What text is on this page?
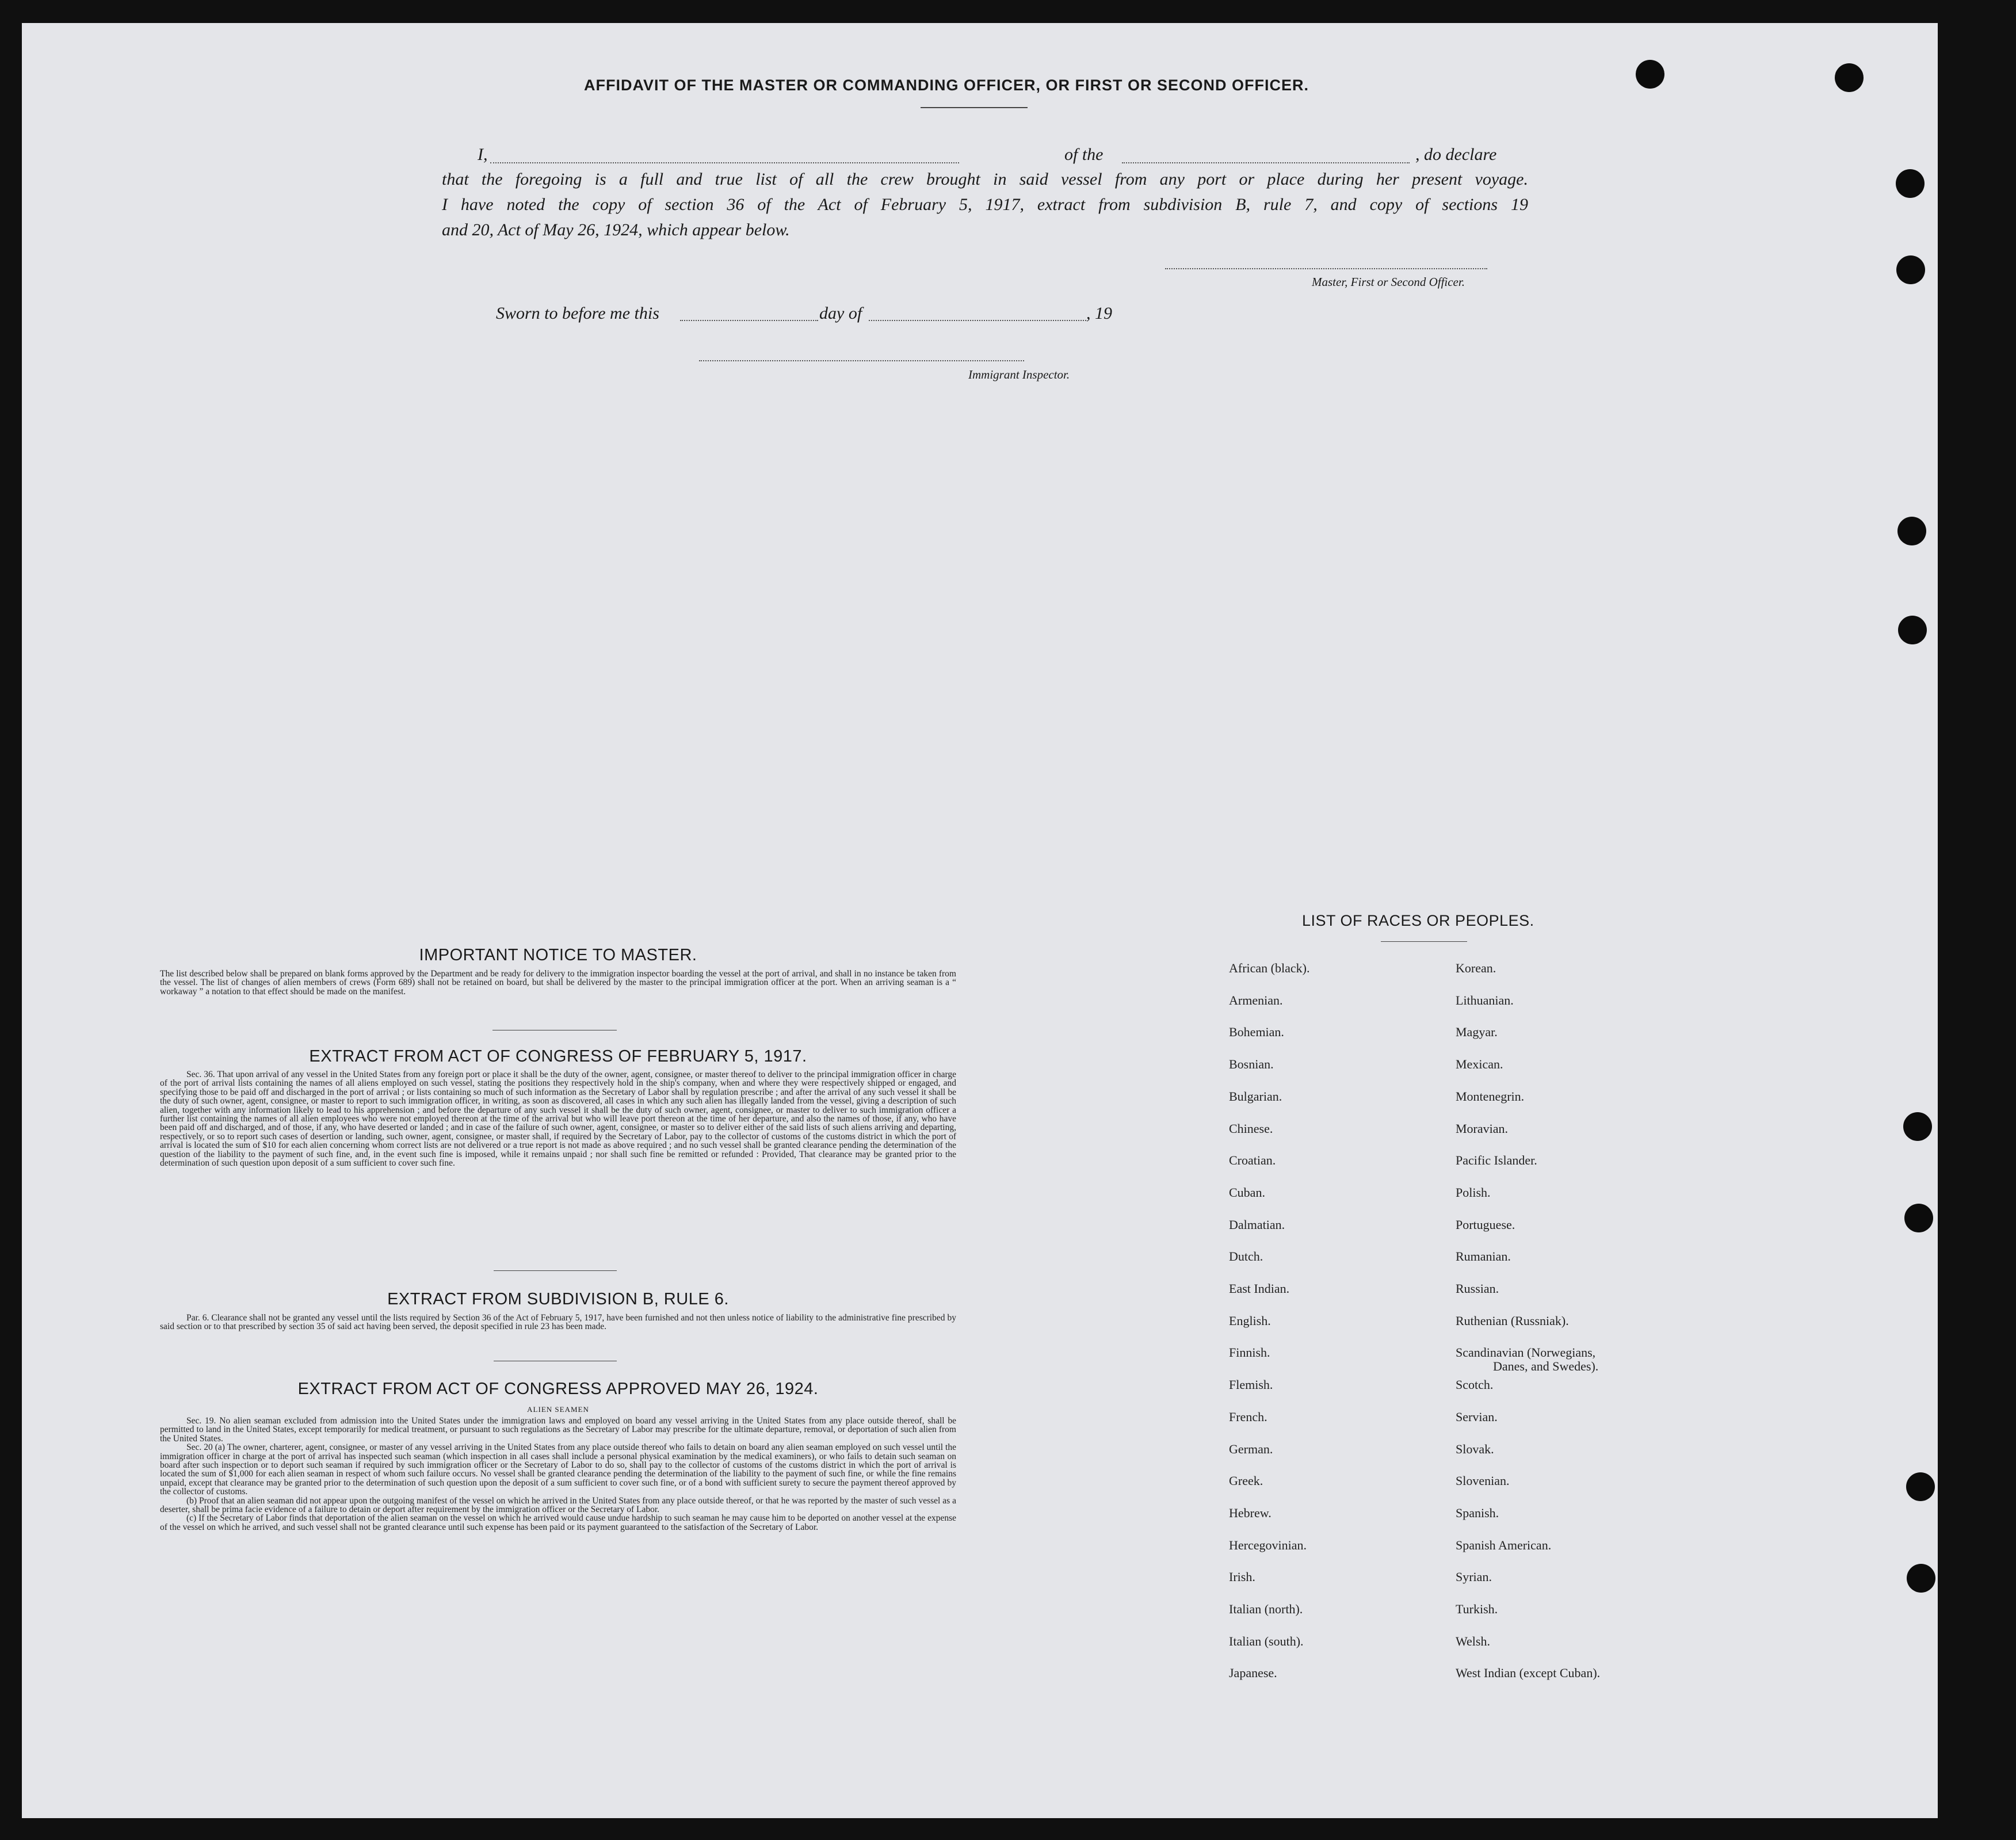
AFFIDAVIT OF THE MASTER OR COMMANDING OFFICER, OR FIRST OR SECOND OFFICER.
I,	of the	, do declare
that the foregoing is a full and true list of all the crew brought in said vessel from any port or place during her present voyage.
I have noted the copy of section 36 of the Act of February 5, 1917, extract from subdivision B, rule 7, and copy of sections 19
and 20, Act of May 26, 1924, which appear below.
Master, First or Second Officer.
Sworn to before me this	day of	, 19
Immigrant Inspector.
IMPORTANT NOTICE TO MASTER.
The list described below shall be prepared on blank forms approved by the Department and be ready for delivery to the immigration inspector boarding the vessel at the port of arrival, and shall in no instance be taken from the vessel. The list of changes of alien members of crews (Form 689) shall not be retained on board, but shall be delivered by the master to the principal immigration officer at the port. When an arriving seaman is a “ workaway ” a notation to that effect should be made on the manifest.
EXTRACT FROM ACT OF CONGRESS OF FEBRUARY 5, 1917.
Sec. 36. That upon arrival of any vessel in the United States from any foreign port or place it shall be the duty of the owner, agent, consignee, or master thereof to deliver to the principal immigration officer in charge of the port of arrival lists containing the names of all aliens employed on such vessel, stating the positions they respectively hold in the ship's company, when and where they were respectively shipped or engaged, and specifying those to be paid off and discharged in the port of arrival ; or lists containing so much of such information as the Secretary of Labor shall by regulation prescribe ; and after the arrival of any such vessel it shall be the duty of such owner, agent, consignee, or master to report to such immigration officer, in writing, as soon as discovered, all cases in which any such alien has illegally landed from the vessel, giving a description of such alien, together with any information likely to lead to his apprehension ; and before the departure of any such vessel it shall be the duty of such owner, agent, consignee, or master to deliver to such immigration officer a further list containing the names of all alien employees who were not employed thereon at the time of the arrival but who will leave port thereon at the time of her departure, and also the names of those, if any, who have been paid off and discharged, and of those, if any, who have deserted or landed ; and in case of the failure of such owner, agent, consignee, or master so to deliver either of the said lists of such aliens arriving and departing, respectively, or so to report such cases of desertion or landing, such owner, agent, consignee, or master shall, if required by the Secretary of Labor, pay to the collector of customs of the customs district in which the port of arrival is located the sum of $10 for each alien concerning whom correct lists are not delivered or a true report is not made as above required ; and no such vessel shall be granted clearance pending the determination of the question of the liability to the payment of such fine, and, in the event such fine is imposed, while it remains unpaid ; nor shall such fine be remitted or refunded : Provided, That clearance may be granted prior to the determination of such question upon deposit of a sum sufficient to cover such fine.
EXTRACT FROM SUBDIVISION B, RULE 6.
Par. 6. Clearance shall not be granted any vessel until the lists required by Section 36 of the Act of February 5, 1917, have been furnished and not then unless notice of liability to the administrative fine prescribed by said section or to that prescribed by section 35 of said act having been served, the deposit specified in rule 23 has been made.
EXTRACT FROM ACT OF CONGRESS APPROVED MAY 26, 1924.
ALIEN SEAMEN
Sec. 19. No alien seaman excluded from admission into the United States under the immigration laws and employed on board any vessel arriving in the United States from any place outside thereof, shall be permitted to land in the United States, except temporarily for medical treatment, or pursuant to such regulations as the Secretary of Labor may prescribe for the ultimate departure, removal, or deportation of such alien from the United States.
Sec. 20 (a) The owner, charterer, agent, consignee, or master of any vessel arriving in the United States from any place outside thereof who fails to detain on board any alien seaman employed on such vessel until the immigration officer in charge at the port of arrival has inspected such seaman (which inspection in all cases shall include a personal physical examination by the medical examiners), or who fails to detain such seaman on board after such inspection or to deport such seaman if required by such immigration officer or the Secretary of Labor to do so, shall pay to the collector of customs of the customs district in which the port of arrival is located the sum of $1,000 for each alien seaman in respect of whom such failure occurs. No vessel shall be granted clearance pending the determination of the liability to the payment of such fine, or while the fine remains unpaid, except that clearance may be granted prior to the determination of such question upon the deposit of a sum sufficient to cover such fine, or of a bond with sufficient surety to secure the payment thereof approved by the collector of customs.
(b) Proof that an alien seaman did not appear upon the outgoing manifest of the vessel on which he arrived in the United States from any place outside thereof, or that he was reported by the master of such vessel as a deserter, shall be prima facie evidence of a failure to detain or deport after requirement by the immigration officer or the Secretary of Labor.
(c) If the Secretary of Labor finds that deportation of the alien seaman on the vessel on which he arrived would cause undue hardship to such seaman he may cause him to be deported on another vessel at the expense of the vessel on which he arrived, and such vessel shall not be granted clearance until such expense has been paid or its payment guaranteed to the satisfaction of the Secretary of Labor.
LIST OF RACES OR PEOPLES.
African (black).
Armenian.
Bohemian.
Bosnian.
Bulgarian.
Chinese.
Croatian.
Cuban.
Dalmatian.
Dutch.
East Indian.
English.
Finnish.
Flemish.
French.
German.
Greek.
Hebrew.
Hercegovinian.
Irish.
Italian (north).
Italian (south).
Japanese.
Korean.
Lithuanian.
Magyar.
Mexican.
Montenegrin.
Moravian.
Pacific Islander.
Polish.
Portuguese.
Rumanian.
Russian.
Ruthenian (Russniak).
Scandinavian (Norwegians,
Scotch.
Servian.
Slovak.
Slovenian.
Spanish.
Spanish American.
Syrian.
Turkish.
Welsh.
West Indian (except Cuban).
Danes, and Swedes).
